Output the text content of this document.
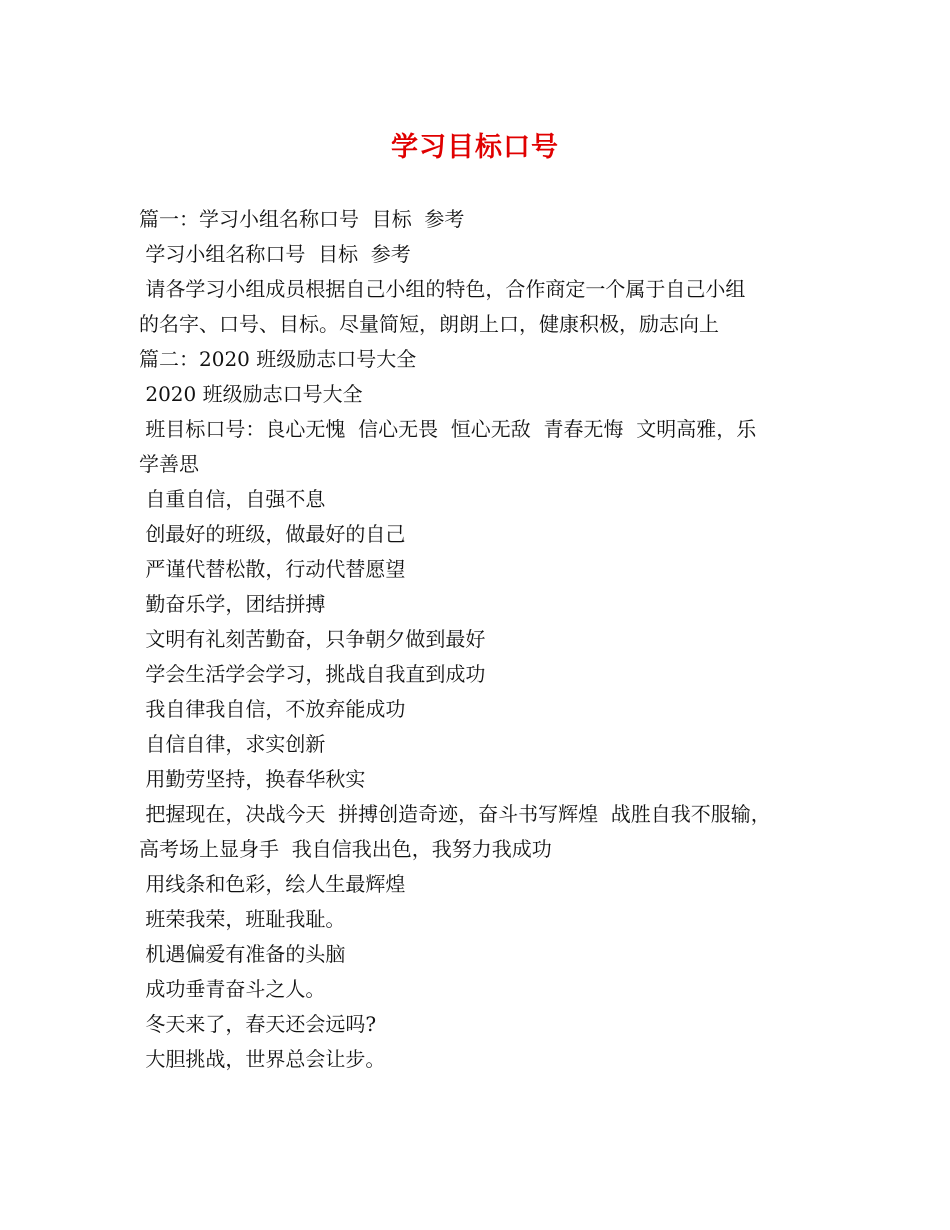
学习目标口号
篇一：学习小组名称口号  目标  参考
学习小组名称口号  目标  参考
请各学习小组成员根据自己小组的特色，合作商定一个属于自己小组
的名字、口号、目标。尽量简短，朗朗上口，健康积极，励志向上
篇二：2020 班级励志口号大全
2020 班级励志口号大全
班目标口号：良心无愧  信心无畏  恒心无敌  青春无悔  文明高雅，乐
学善思
自重自信，自强不息
创最好的班级，做最好的自己
严谨代替松散，行动代替愿望
勤奋乐学，团结拼搏
文明有礼刻苦勤奋，只争朝夕做到最好
学会生活学会学习，挑战自我直到成功
我自律我自信，不放弃能成功
自信自律，求实创新
用勤劳坚持，换春华秋实
把握现在，决战今天  拼搏创造奇迹，奋斗书写辉煌  战胜自我不服输，
高考场上显身手  我自信我出色，我努力我成功
用线条和色彩，绘人生最辉煌
班荣我荣，班耻我耻。
机遇偏爱有准备的头脑
成功垂青奋斗之人。
冬天来了，春天还会远吗?
大胆挑战，世界总会让步。
